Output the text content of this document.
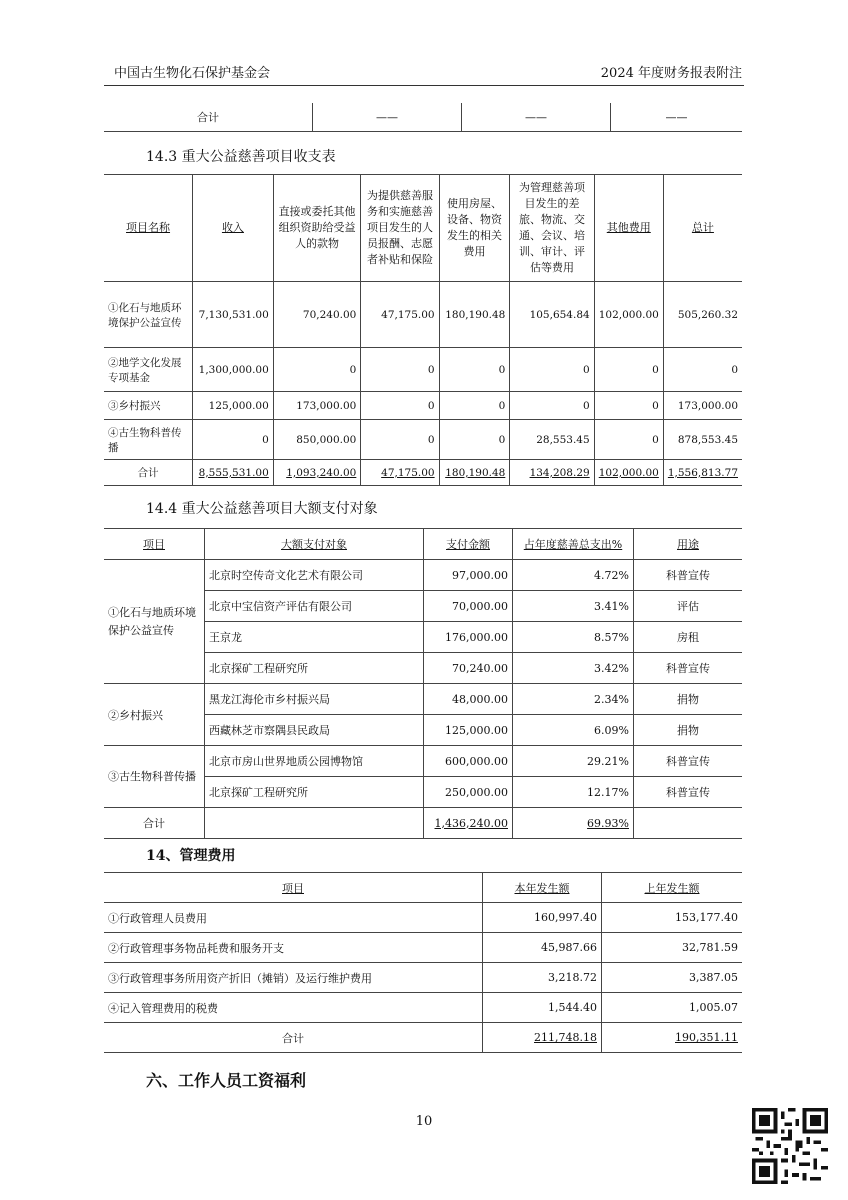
中国古生物化石保护基金会	2024 年度财务报表附注
合计	——	——	——
14.3 重大公益慈善项目收支表
项目名称	收入	直接或委托其他组织资助给受益人的款物	为提供慈善服务和实施慈善项目发生的人员报酬、志愿者补贴和保险	使用房屋、设备、物资发生的相关费用	为管理慈善项目发生的差旅、物流、交通、会议、培训、审计、评估等费用	其他费用	总计
①化石与地质环境保护公益宣传	7,130,531.00	70,240.00	47,175.00	180,190.48	105,654.84	102,000.00	505,260.32
②地学文化发展专项基金	1,300,000.00	0	0	0	0	0	0
③乡村振兴	125,000.00	173,000.00	0	0	0	0	173,000.00
④古生物科普传播	0	850,000.00	0	0	28,553.45	0	878,553.45
合计	8,555,531.00	1,093,240.00	47,175.00	180,190.48	134,208.29	102,000.00	1,556,813.77
14.4 重大公益慈善项目大额支付对象
项目	大额支付对象	支付金额	占年度慈善总支出%	用途
①化石与地质环境保护公益宣传	北京时空传奇文化艺术有限公司	97,000.00	4.72%	科普宣传
	北京中宝信资产评估有限公司	70,000.00	3.41%	评估
	王京龙	176,000.00	8.57%	房租
	北京探矿工程研究所	70,240.00	3.42%	科普宣传
②乡村振兴	黑龙江海伦市乡村振兴局	48,000.00	2.34%	捐物
	西藏林芝市察隅县民政局	125,000.00	6.09%	捐物
③古生物科普传播	北京市房山世界地质公园博物馆	600,000.00	29.21%	科普宣传
	北京探矿工程研究所	250,000.00	12.17%	科普宣传
合计		1,436,240.00	69.93%	
14、管理费用
项目	本年发生额	上年发生额
①行政管理人员费用	160,997.40	153,177.40
②行政管理事务物品耗费和服务开支	45,987.66	32,781.59
③行政管理事务所用资产折旧（摊销）及运行维护费用	3,218.72	3,387.05
④记入管理费用的税费	1,544.40	1,005.07
合计	211,748.18	190,351.11
六、工作人员工资福利
10
